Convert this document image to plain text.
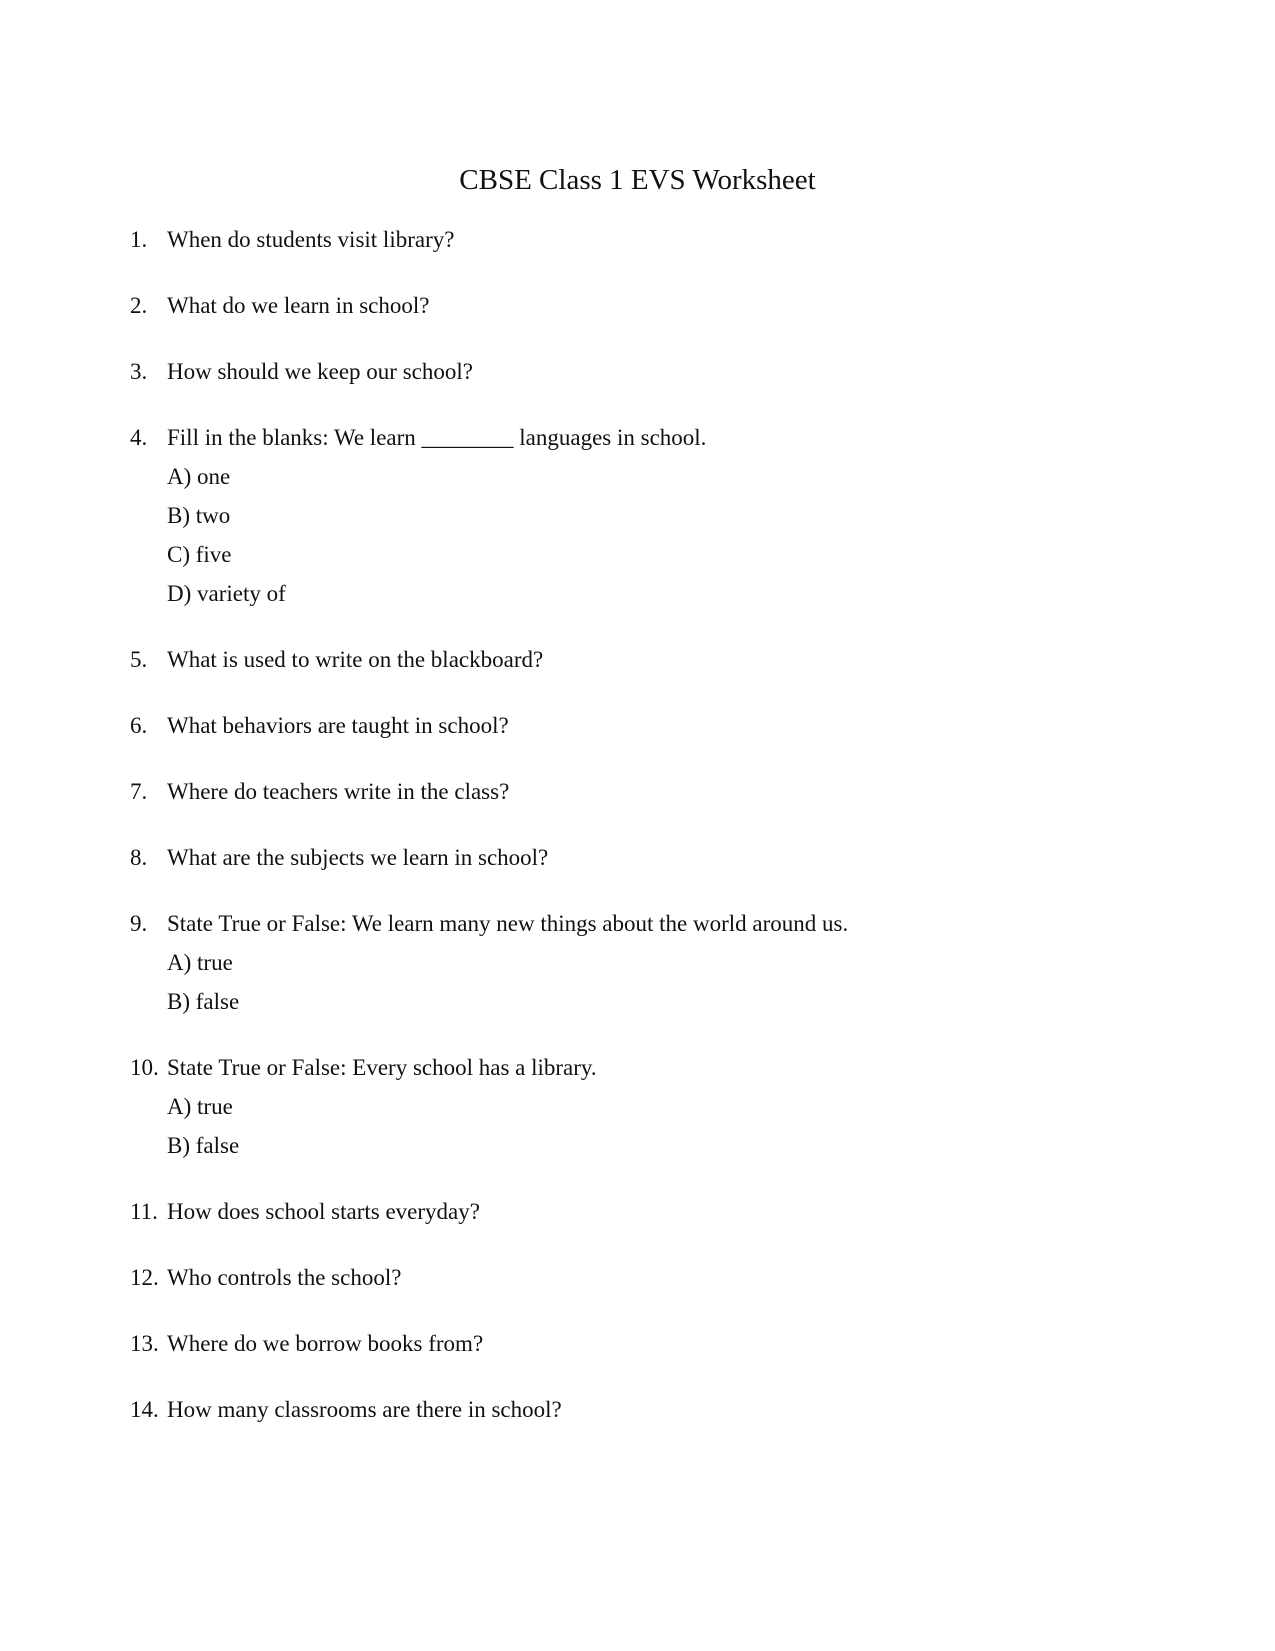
CBSE Class 1 EVS Worksheet
1. When do students visit library?
2. What do we learn in school?
3. How should we keep our school?
4. Fill in the blanks: We learn ________ languages in school.
A) one
B) two
C) five
D) variety of
5. What is used to write on the blackboard?
6. What behaviors are taught in school?
7. Where do teachers write in the class?
8. What are the subjects we learn in school?
9. State True or False: We learn many new things about the world around us.
A) true
B) false
10. State True or False: Every school has a library.
A) true
B) false
11. How does school starts everyday?
12. Who controls the school?
13. Where do we borrow books from?
14. How many classrooms are there in school?
